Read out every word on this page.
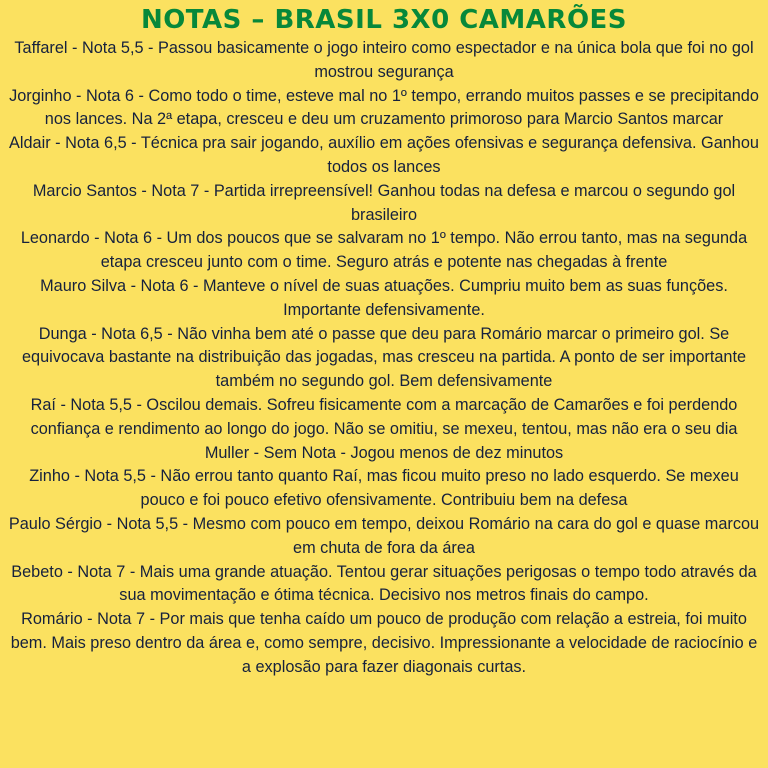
NOTAS – BRASIL 3X0 CAMARÕES

Taffarel - Nota 5,5 - Passou basicamente o jogo inteiro como espectador e na única bola que foi no gol mostrou segurança

Jorginho - Nota 6 - Como todo o time, esteve mal no 1º tempo, errando muitos passes e se precipitando nos lances. Na 2ª etapa, cresceu e deu um cruzamento primoroso para Marcio Santos marcar

Aldair - Nota 6,5 - Técnica pra sair jogando, auxílio em ações ofensivas e segurança defensiva. Ganhou todos os lances

Marcio Santos - Nota 7 - Partida irrepreensível! Ganhou todas na defesa e marcou o segundo gol brasileiro

Leonardo - Nota 6 - Um dos poucos que se salvaram no 1º tempo. Não errou tanto, mas na segunda etapa cresceu junto com o time. Seguro atrás e potente nas chegadas à frente

Mauro Silva - Nota 6 - Manteve o nível de suas atuações. Cumpriu muito bem as suas funções. Importante defensivamente.

Dunga - Nota 6,5 - Não vinha bem até o passe que deu para Romário marcar o primeiro gol. Se equivocava bastante na distribuição das jogadas, mas cresceu na partida. A ponto de ser importante também no segundo gol. Bem defensivamente

Raí - Nota 5,5 - Oscilou demais. Sofreu fisicamente com a marcação de Camarões e foi perdendo confiança e rendimento ao longo do jogo. Não se omitiu, se mexeu, tentou, mas não era o seu dia

Muller - Sem Nota - Jogou menos de dez minutos

Zinho - Nota 5,5 - Não errou tanto quanto Raí, mas ficou muito preso no lado esquerdo. Se mexeu pouco e foi pouco efetivo ofensivamente. Contribuiu bem na defesa

Paulo Sérgio - Nota 5,5 - Mesmo com pouco em tempo, deixou Romário na cara do gol e quase marcou em chuta de fora da área

Bebeto - Nota 7 - Mais uma grande atuação. Tentou gerar situações perigosas o tempo todo através da sua movimentação e ótima técnica. Decisivo nos metros finais do campo.

Romário - Nota 7 - Por mais que tenha caído um pouco de produção com relação a estreia, foi muito bem. Mais preso dentro da área e, como sempre, decisivo. Impressionante a velocidade de raciocínio e a explosão para fazer diagonais curtas.
